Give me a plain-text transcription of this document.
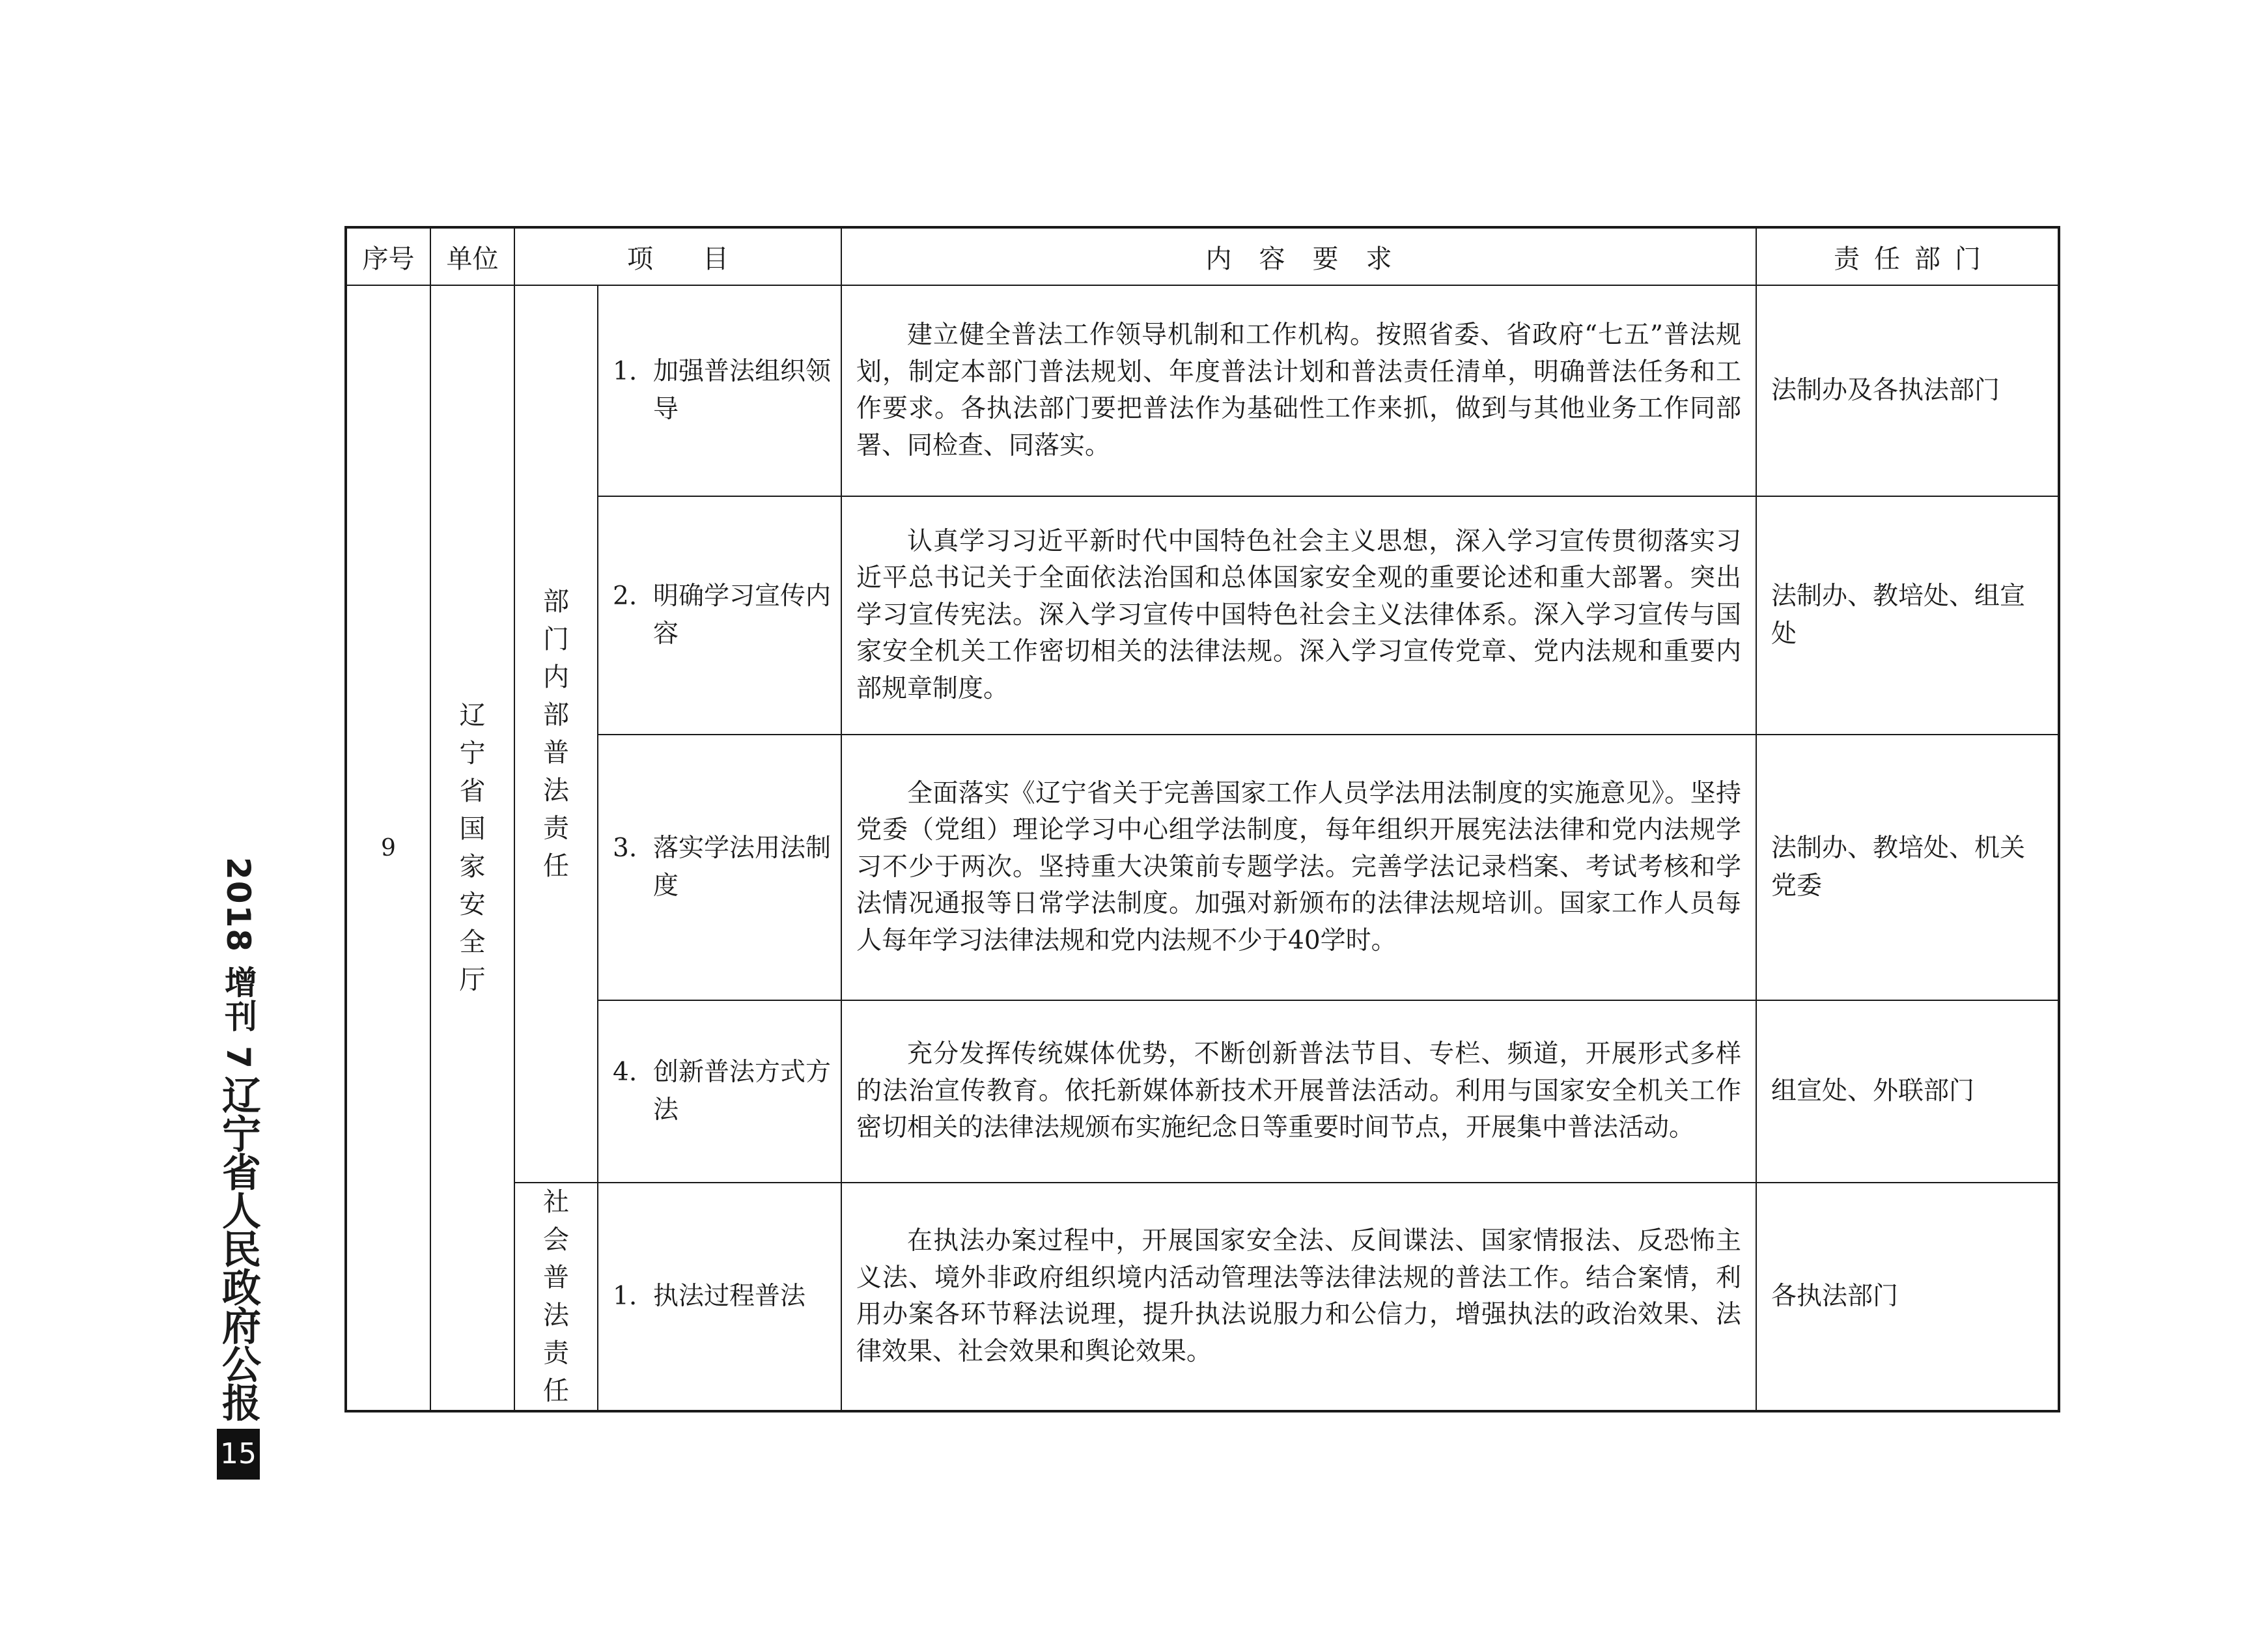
序号	单位	项目		内容要求	责任部门
9	辽宁省国家安全厅	部门内部普法责任	1. 加强普法组织领导	建立健全普法工作领导机制和工作机构。按照省委、省政府“七五”普法规划，制定本部门普法规划、年度普法计划和普法责任清单，明确普法任务和工作要求。各执法部门要把普法作为基础性工作来抓，做到与其他业务工作同部署、同检查、同落实。	法制办及各执法部门

			2. 明确学习宣传内容	认真学习习近平新时代中国特色社会主义思想，深入学习宣传贯彻落实习近平总书记关于全面依法治国和总体国家安全观的重要论述和重大部署。突出学习宣传宪法。深入学习宣传中国特色社会主义法律体系。深入学习宣传与国家安全机关工作密切相关的法律法规。深入学习宣传党章、党内法规和重要内部规章制度。	法制办、教培处、组宣处

			3. 落实学法用法制度	全面落实《辽宁省关于完善国家工作人员学法用法制度的实施意见》。坚持党委（党组）理论学习中心组学法制度，每年组织开展宪法法律和党内法规学习不少于两次。坚持重大决策前专题学法。完善学法记录档案、考试考核和学法情况通报等日常学法制度。加强对新颁布的法律法规培训。国家工作人员每人每年学习法律法规和党内法规不少于40学时。	法制办、教培处、机关党委

			4. 创新普法方式方法	充分发挥传统媒体优势，不断创新普法节目、专栏、频道，开展形式多样的法治宣传教育。依托新媒体新技术开展普法活动。利用与国家安全机关工作密切相关的法律法规颁布实施纪念日等重要时间节点，开展集中普法活动。	组宣处、外联部门
		社会普法责任	1. 执法过程普法	在执法办案过程中，开展国家安全法、反间谍法、国家情报法、反恐怖主义法、境外非政府组织境内活动管理法等法律法规的普法工作。结合案情，利用办案各环节释法说理，提升执法说服力和公信力，增强执法的政治效果、法律效果、社会效果和舆论效果。	各执法部门
2018 增刊 7
辽宁省人民政府公报
15
